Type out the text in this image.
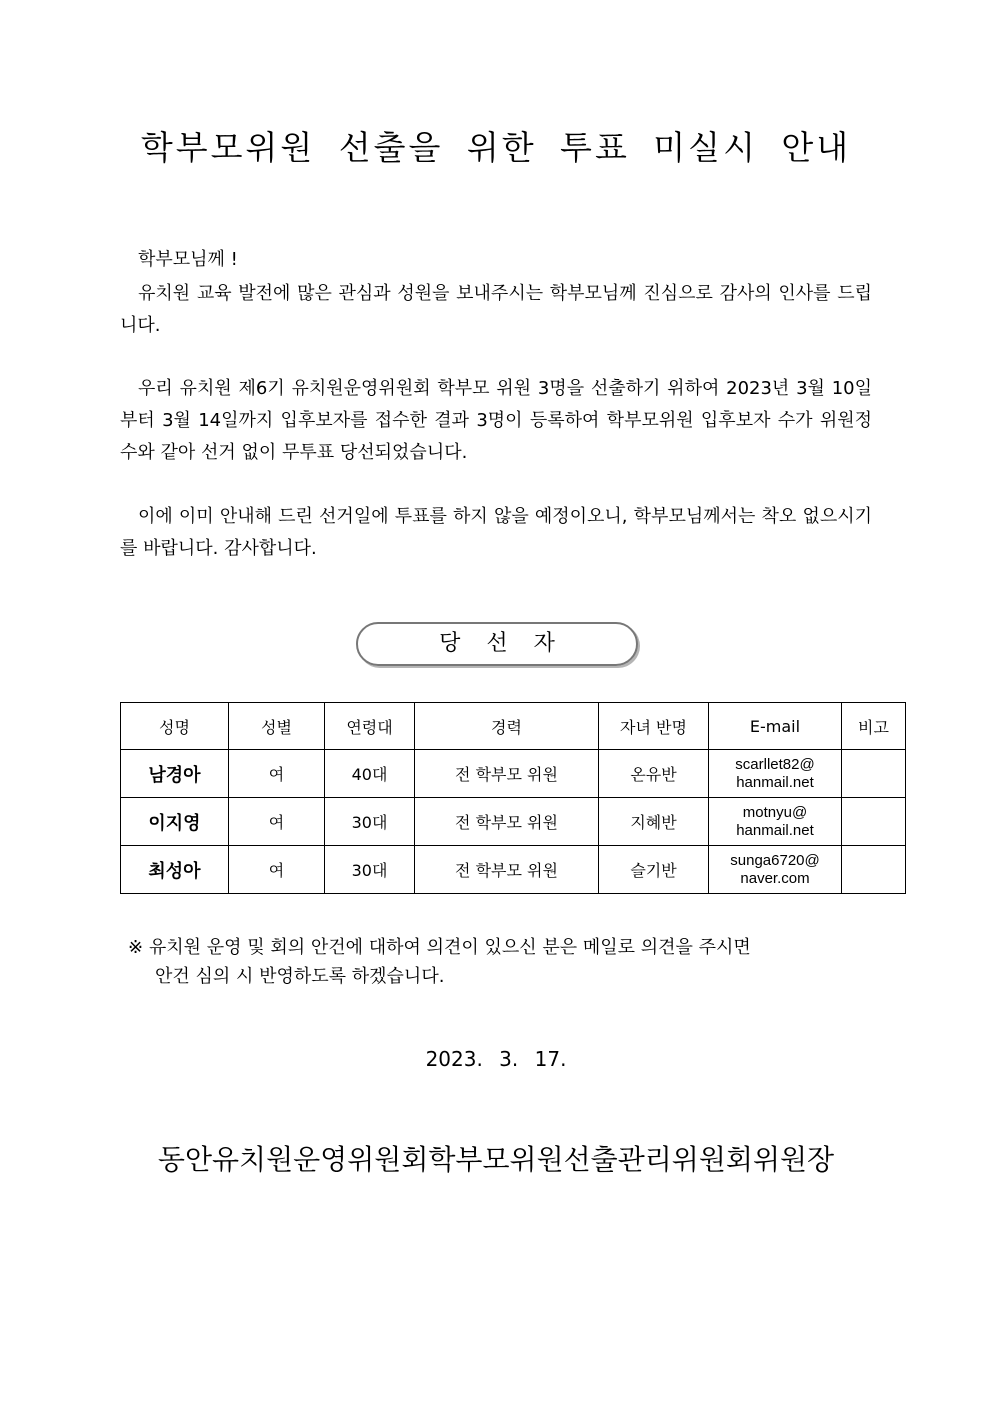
학부모위원 선출을 위한 투표 미실시 안내
학부모님께 !

유치원 교육 발전에 많은 관심과 성원을 보내주시는 학부모님께 진심으로 감사의 인사를 드립니다.

우리 유치원 제6기 유치원운영위원회 학부모 위원 3명을 선출하기 위하여 2023년 3월 10일부터 3월 14일까지 입후보자를 접수한 결과 3명이 등록하여 학부모위원 입후보자 수가 위원정수와 같아 선거 없이 무투표 당선되었습니다.

이에 이미 안내해 드린 선거일에 투표를 하지 않을 예정이오니, 학부모님께서는 착오 없으시기를 바랍니다. 감사합니다.

당선자
성명	성별	연령대	경력	자녀 반명	E-mail	비고
남경아	여	40대	전 학부모 위원	온유반	scarllet82@
hanmail.net	

이지영	여	30대	전 학부모 위원	지혜반	motnyu@
hanmail.net	

최성아	여	30대	전 학부모 위원	슬기반	sunga6720@
naver.com	

※ 유치원 운영 및 회의 안건에 대하여 의견이 있으신 분은 메일로 의견을 주시면
안건 심의 시 반영하도록 하겠습니다.
2023. 3. 17.
동안유치원운영위원회학부모위원선출관리위원회위원장
